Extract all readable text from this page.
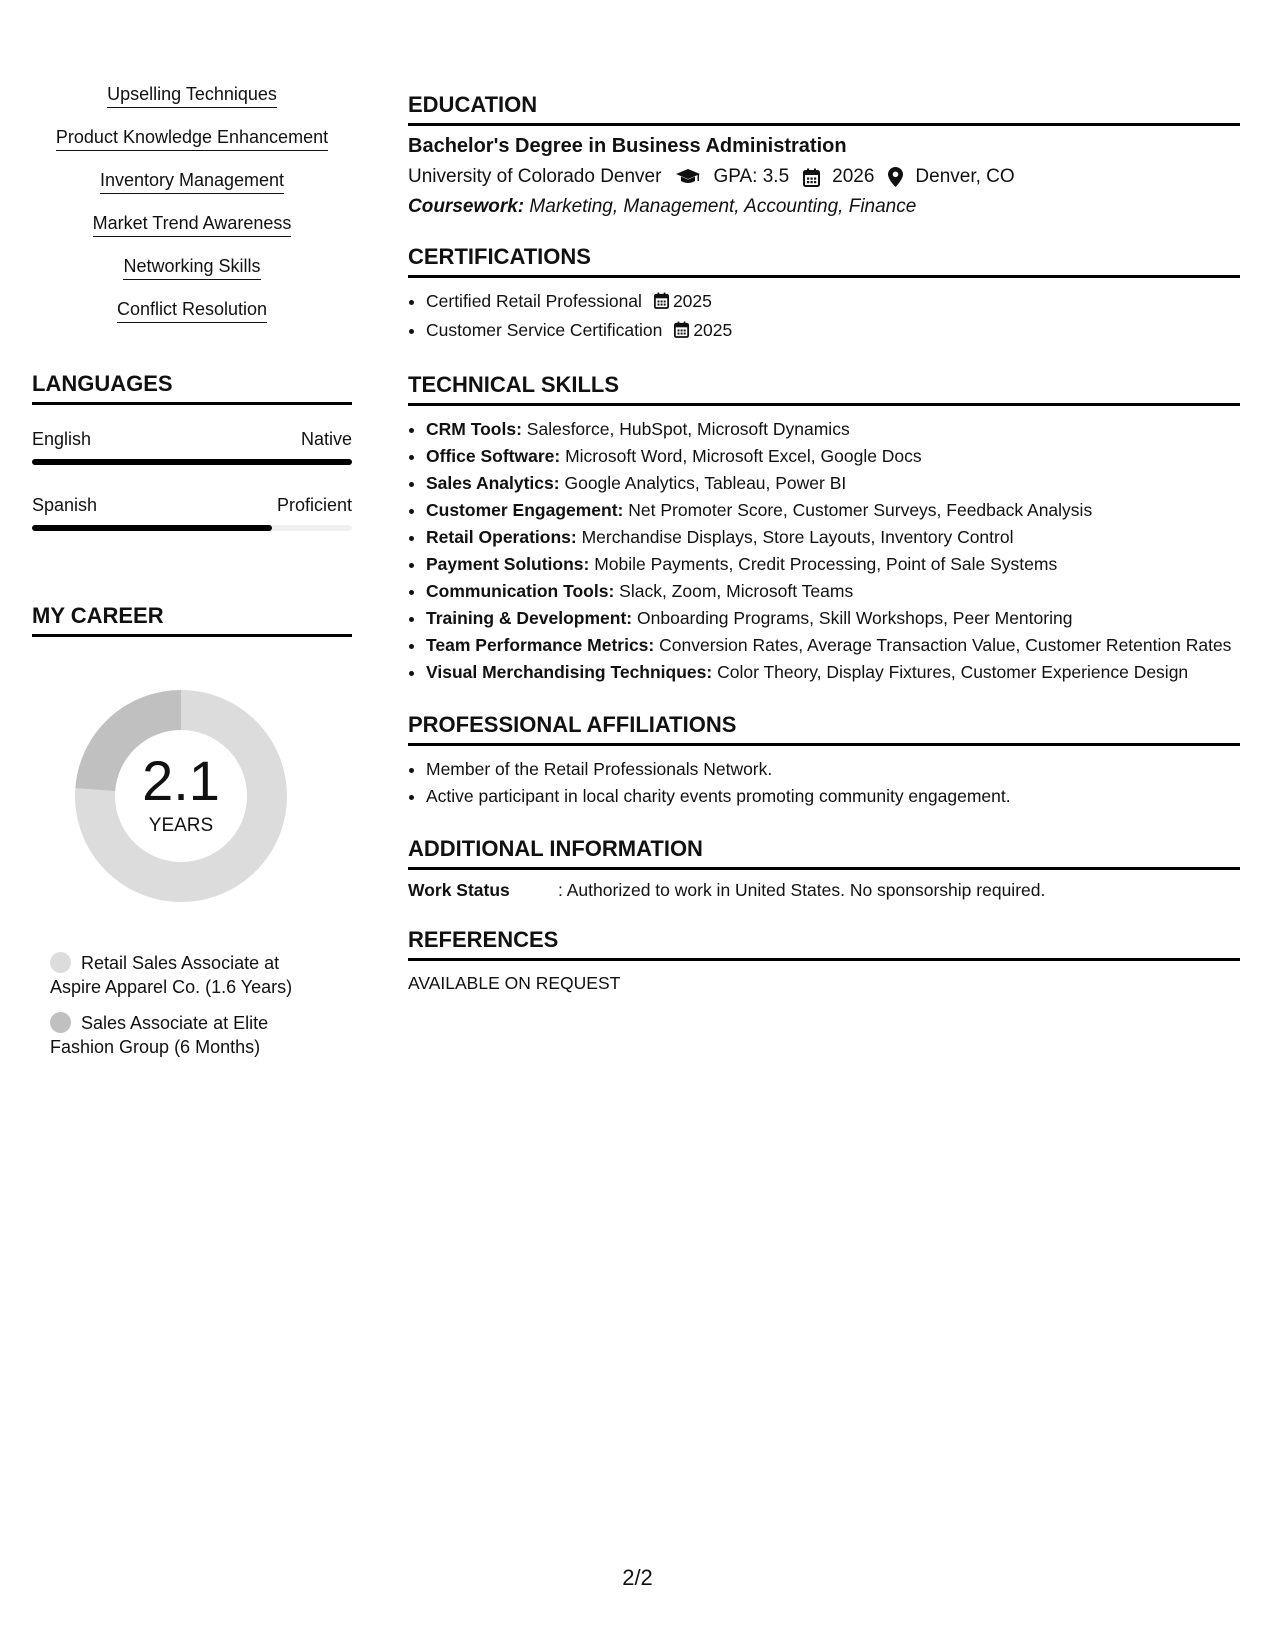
Upselling Techniques
Product Knowledge Enhancement
Inventory Management
Market Trend Awareness
Networking Skills
Conflict Resolution
LANGUAGES
English	Native
Spanish	Proficient
MY CAREER
2.1
YEARS
Retail Sales Associate at Aspire Apparel Co. (1.6 Years)
Sales Associate at Elite Fashion Group (6 Months)
EDUCATION
Bachelor's Degree in Business Administration
University of Colorado Denver	GPA: 3.5 2026 Denver, CO
Coursework: Marketing, Management, Accounting, Finance
CERTIFICATIONS
• Certified Retail Professional 2025
• Customer Service Certification 2025
TECHNICAL SKILLS
• CRM Tools: Salesforce, HubSpot, Microsoft Dynamics
• Office Software: Microsoft Word, Microsoft Excel, Google Docs
• Sales Analytics: Google Analytics, Tableau, Power BI
• Customer Engagement: Net Promoter Score, Customer Surveys, Feedback Analysis
• Retail Operations: Merchandise Displays, Store Layouts, Inventory Control
• Payment Solutions: Mobile Payments, Credit Processing, Point of Sale Systems
• Communication Tools: Slack, Zoom, Microsoft Teams
• Training & Development: Onboarding Programs, Skill Workshops, Peer Mentoring
• Team Performance Metrics: Conversion Rates, Average Transaction Value, Customer Retention Rates
• Visual Merchandising Techniques: Color Theory, Display Fixtures, Customer Experience Design
PROFESSIONAL AFFILIATIONS
• Member of the Retail Professionals Network.
• Active participant in local charity events promoting community engagement.
ADDITIONAL INFORMATION
Work Status	: Authorized to work in United States. No sponsorship required.
REFERENCES
AVAILABLE ON REQUEST
2/2
